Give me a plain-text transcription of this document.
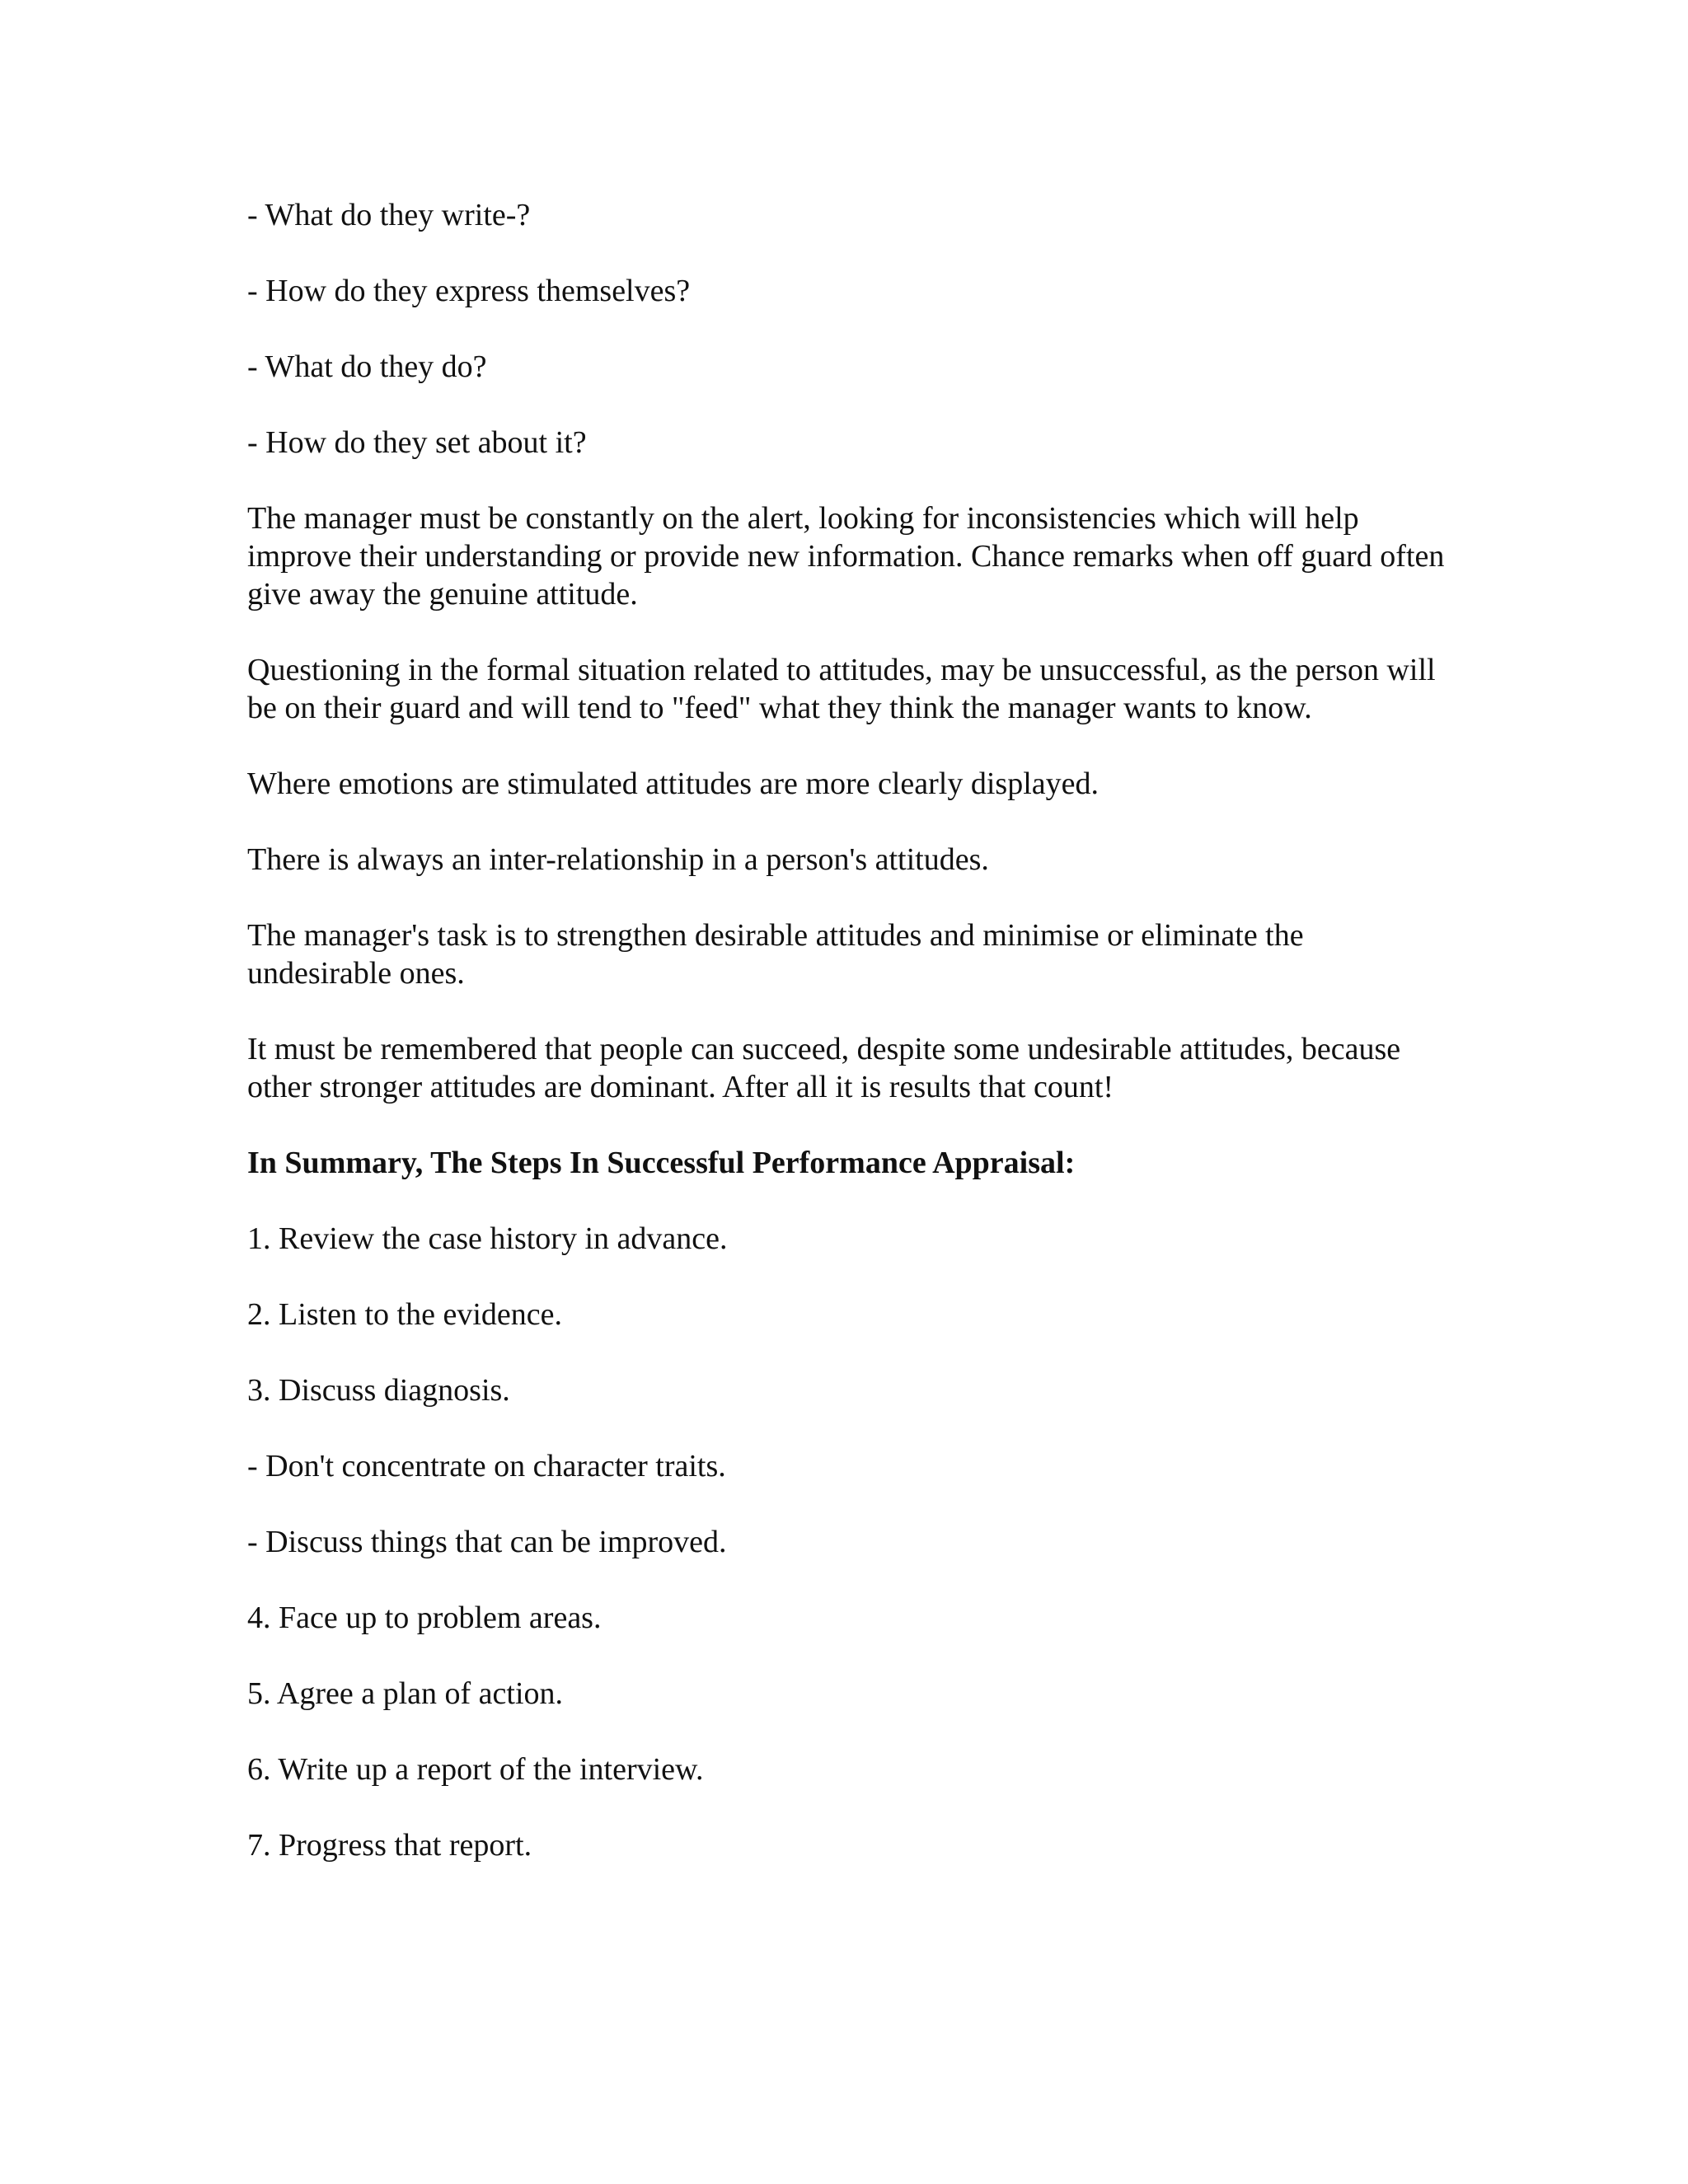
- What do they write-?

- How do they express themselves?

- What do they do?

- How do they set about it?

The manager must be constantly on the alert, looking for inconsistencies which will help improve their understanding or provide new information. Chance remarks when off guard often give away the genuine attitude.

Questioning in the formal situation related to attitudes, may be unsuccessful, as the person will be on their guard and will tend to "feed" what they think the manager wants to know.

Where emotions are stimulated attitudes are more clearly displayed.

There is always an inter-relationship in a person's attitudes.

The manager's task is to strengthen desirable attitudes and minimise or eliminate the undesirable ones.

It must be remembered that people can succeed, despite some undesirable attitudes, because other stronger attitudes are dominant. After all it is results that count!

In Summary, The Steps In Successful Performance Appraisal:

1. Review the case history in advance.

2. Listen to the evidence.

3. Discuss diagnosis.

- Don't concentrate on character traits.

- Discuss things that can be improved.

4. Face up to problem areas.

5. Agree a plan of action.

6. Write up a report of the interview.

7. Progress that report.
